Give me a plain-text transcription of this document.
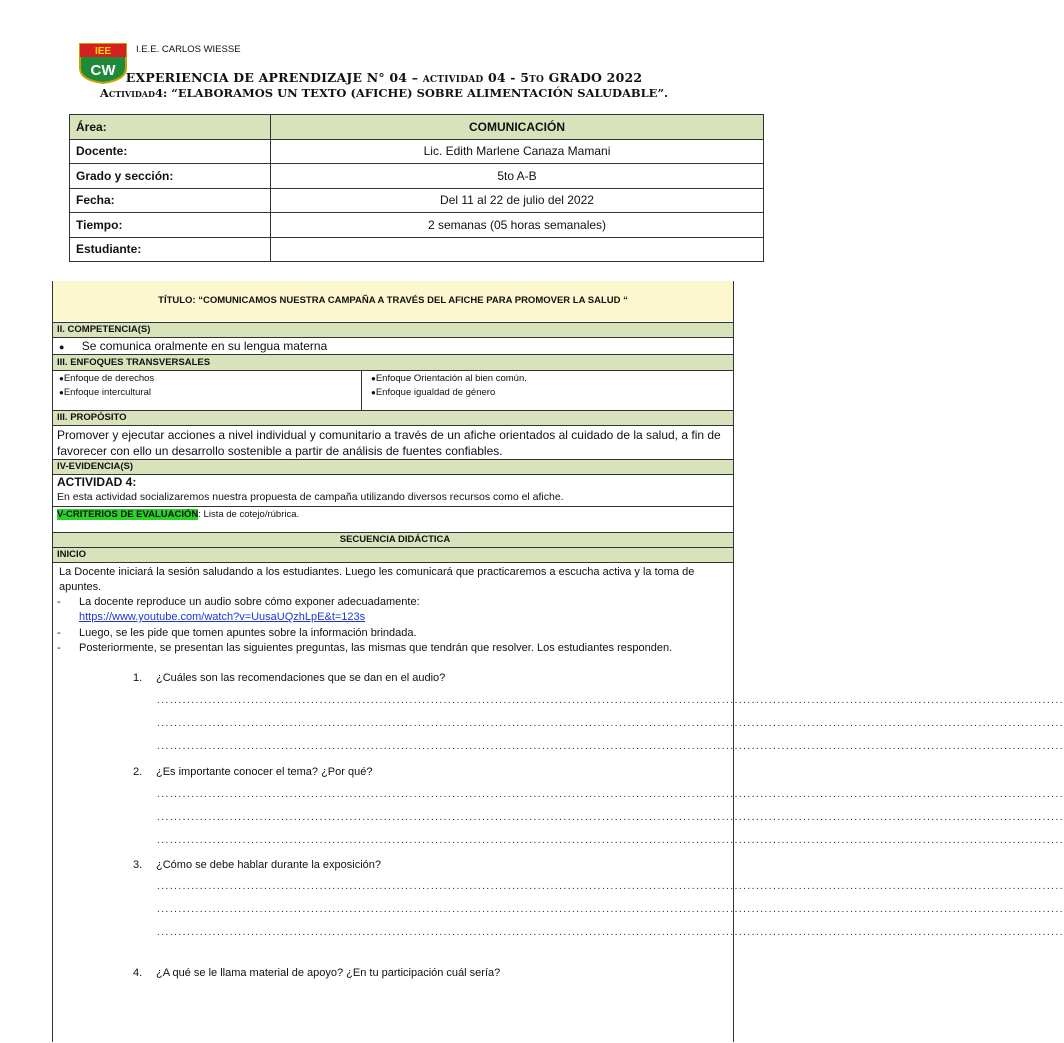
IEE
CW
I.E.E. CARLOS WIESSE
EXPERIENCIA DE APRENDIZAJE N° 04 – actividad 04 - 5to GRADO 2022
Actividad4: “ELABORAMOS UN TEXTO (AFICHE) SOBRE ALIMENTACIÓN SALUDABLE”.
Área:	COMUNICACIÓN
Docente:	Lic. Edith Marlene Canaza Mamani
Grado y sección:	5to A-B
Fecha:	Del 11 al 22 de julio del 2022
Tiempo:	2 semanas (05 horas semanales)
Estudiante:	
TÍTULO: “COMUNICAMOS NUESTRA CAMPAÑA A TRAVÉS DEL AFICHE PARA PROMOVER LA SALUD “
II. COMPETENCIA(S)
● Se comunica oralmente en su lengua materna
III. ENFOQUES TRANSVERSALES
●Enfoque de derechos
●Enfoque intercultural
●Enfoque Orientación al bien común.
●Enfoque igualdad de género
III. PROPÓSITO
Promover y ejecutar acciones a nivel individual y comunitario a través de un afiche orientados al cuidado de la salud, a fin de favorecer con ello un desarrollo sostenible a partir de análisis de fuentes confiables.
IV-EVIDENCIA(S)
ACTIVIDAD 4:
En esta actividad socializaremos nuestra propuesta de campaña utilizando diversos recursos como el afiche.
V-CRITERIOS DE EVALUACIÓN: Lista de cotejo/rúbrica.
SECUENCIA DIDÁCTICA
INICIO
La Docente iniciará la sesión saludando a los estudiantes. Luego les comunicará que practicaremos a escucha activa y la toma de apuntes.
- La docente reproduce un audio sobre cómo exponer adecuadamente:
https://www.youtube.com/watch?v=UusaUQzhLpE&t=123s
- Luego, se les pide que tomen apuntes sobre la información brindada.
- Posteriormente, se presentan las siguientes preguntas, las mismas que tendrán que resolver. Los estudiantes responden.
1. ¿Cuáles son las recomendaciones que se dan en el audio?
....................................................................................................................................................................................................................
....................................................................................................................................................................................................................
....................................................................................................................................................................................................................
2. ¿Es importante conocer el tema? ¿Por qué?
....................................................................................................................................................................................................................
....................................................................................................................................................................................................................
....................................................................................................................................................................................................................
3. ¿Cómo se debe hablar durante la exposición?
....................................................................................................................................................................................................................
....................................................................................................................................................................................................................
....................................................................................................................................................................................................................
4. ¿A qué se le llama material de apoyo? ¿En tu participación cuál sería?
